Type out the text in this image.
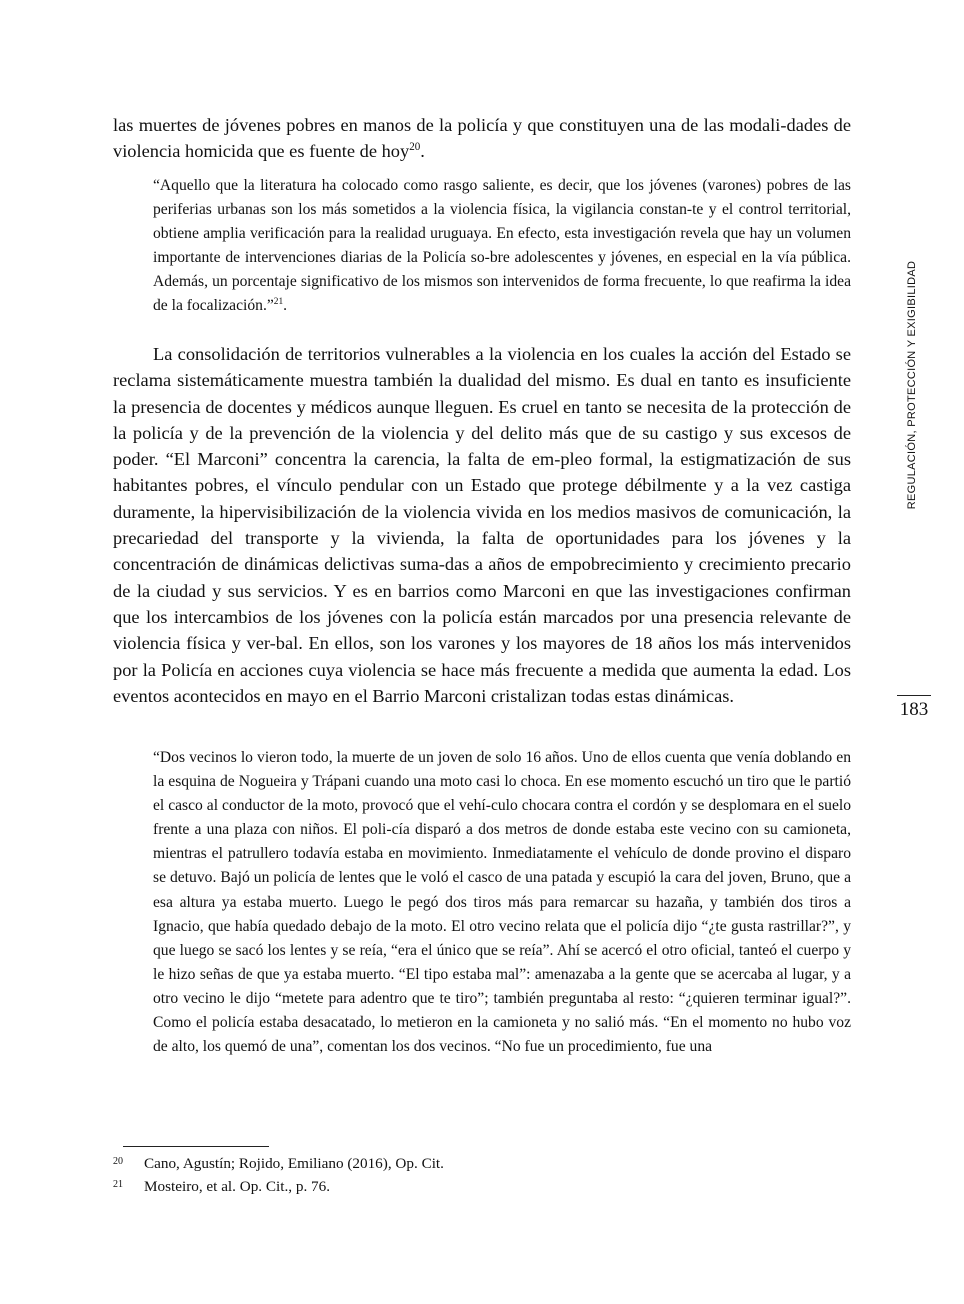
las muertes de jóvenes pobres en manos de la policía y que constituyen una de las modali-dades de violencia homicida que es fuente de hoy$^{20}$.

“Aquello que la literatura ha colocado como rasgo saliente, es decir, que los jóvenes (varones) pobres de las periferias urbanas son los más sometidos a la violencia física, la vigilancia constan-te y el control territorial, obtiene amplia verificación para la realidad uruguaya. En efecto, esta investigación revela que hay un volumen importante de intervenciones diarias de la Policía so-bre adolescentes y jóvenes, en especial en la vía pública. Además, un porcentaje significativo de los mismos son intervenidos de forma frecuente, lo que reafirma la idea de la focalización.”$^{21}$.

La consolidación de territorios vulnerables a la violencia en los cuales la acción del Estado se reclama sistemáticamente muestra también la dualidad del mismo. Es dual en tanto es insuficiente la presencia de docentes y médicos aunque lleguen. Es cruel en tanto se necesita de la protección de la policía y de la prevención de la violencia y del delito más que de su castigo y sus excesos de poder. “El Marconi” concentra la carencia, la falta de em-pleo formal, la estigmatización de sus habitantes pobres, el vínculo pendular con un Estado que protege débilmente y a la vez castiga duramente, la hipervisibilización de la violencia vivida en los medios masivos de comunicación, la precariedad del transporte y la vivienda, la falta de oportunidades para los jóvenes y la concentración de dinámicas delictivas suma-das a años de empobrecimiento y crecimiento precario de la ciudad y sus servicios. Y es en barrios como Marconi en que las investigaciones confirman que los intercambios de los jóvenes con la policía están marcados por una presencia relevante de violencia física y ver-bal. En ellos, son los varones y los mayores de 18 años los más intervenidos por la Policía en acciones cuya violencia se hace más frecuente a medida que aumenta la edad. Los eventos acontecidos en mayo en el Barrio Marconi cristalizan todas estas dinámicas.

“Dos vecinos lo vieron todo, la muerte de un joven de solo 16 años. Uno de ellos cuenta que venía doblando en la esquina de Nogueira y Trápani cuando una moto casi lo choca. En ese momento escuchó un tiro que le partió el casco al conductor de la moto, provocó que el vehí-culo chocara contra el cordón y se desplomara en el suelo frente a una plaza con niños. El poli-cía disparó a dos metros de donde estaba este vecino con su camioneta, mientras el patrullero todavía estaba en movimiento. Inmediatamente el vehículo de donde provino el disparo se detuvo. Bajó un policía de lentes que le voló el casco de una patada y escupió la cara del joven, Bruno, que a esa altura ya estaba muerto. Luego le pegó dos tiros más para remarcar su hazaña, y también dos tiros a Ignacio, que había quedado debajo de la moto. El otro vecino relata que el policía dijo “¿te gusta rastrillar?”, y que luego se sacó los lentes y se reía, “era el único que se reía”. Ahí se acercó el otro oficial, tanteó el cuerpo y le hizo señas de que ya estaba muerto. “El tipo estaba mal”: amenazaba a la gente que se acercaba al lugar, y a otro vecino le dijo “metete para adentro que te tiro”; también preguntaba al resto: “¿quieren terminar igual?”. Como el policía estaba desacatado, lo metieron en la camioneta y no salió más. “En el momento no hubo voz de alto, los quemó de una”, comentan los dos vecinos. “No fue un procedimiento, fue una

20 Cano, Agustín; Rojido, Emiliano (2016), Op. Cit.

21 Mosteiro, et al. Op. Cit., p. 76.

REGULACIÓN, PROTECCIÓN Y EXIGIBILIDAD
183
